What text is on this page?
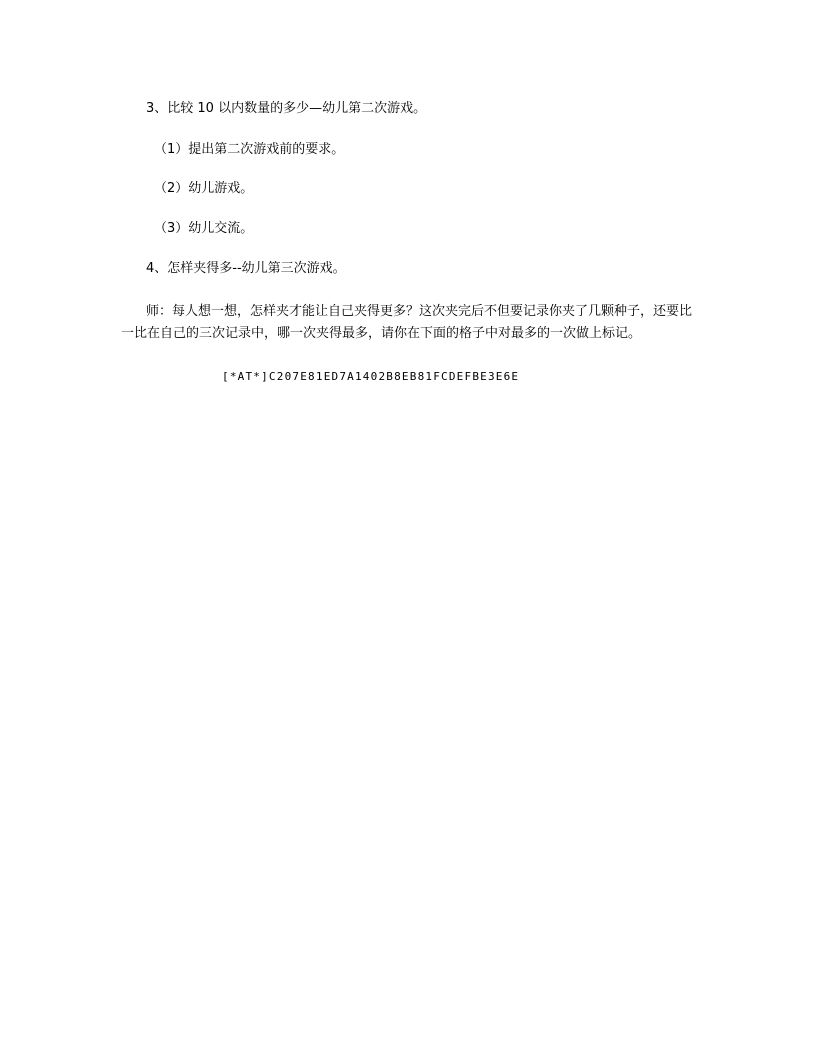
3、比较 10 以内数量的多少—幼儿第二次游戏。

（1）提出第二次游戏前的要求。

（2）幼儿游戏。

（3）幼儿交流。

4、怎样夹得多--幼儿第三次游戏。

师：每人想一想，怎样夹才能让自己夹得更多？这次夹完后不但要记录你夹了几颗种子，还要比一比在自己的三次记录中，哪一次夹得最多，请你在下面的格子中对最多的一次做上标记。

[*AT*]C207E81ED7A1402B8EB81FCDEFBE3E6E
